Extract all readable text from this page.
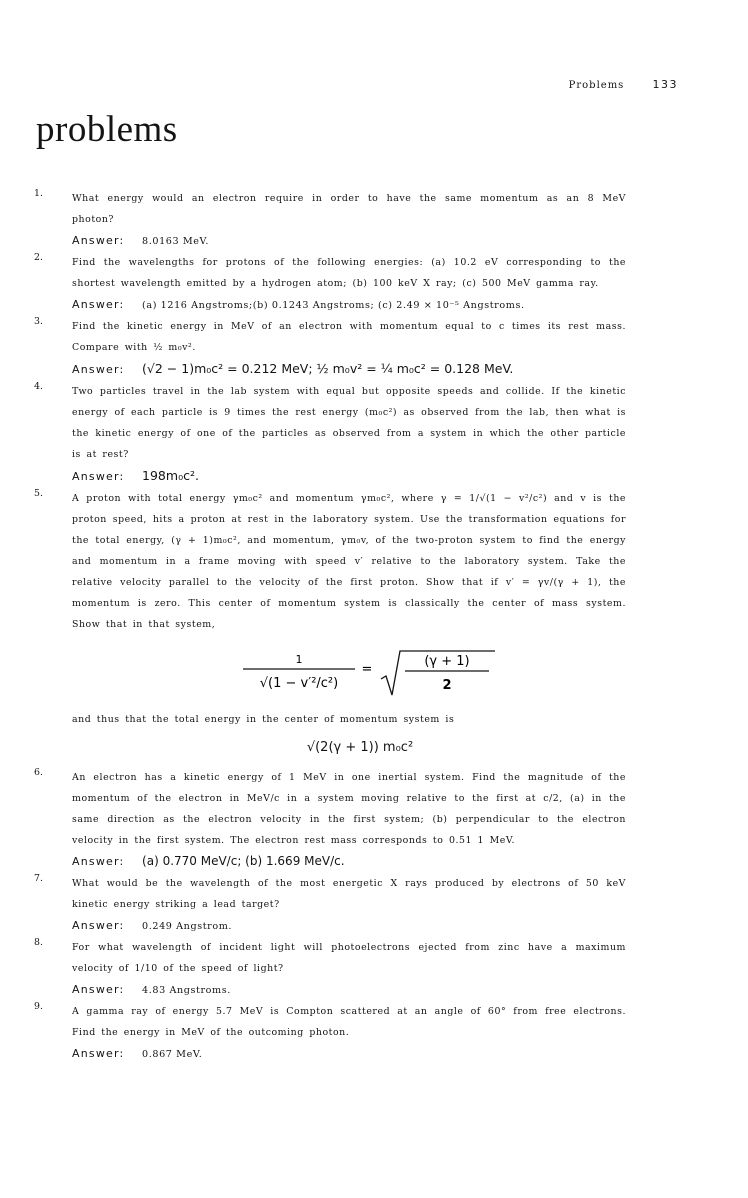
Problems	133
problems
1.	What energy would an electron require in order to have the same momentum as an 8 MeV photon?

Answer: 8.0163 MeV.
2.	Find the wavelengths for protons of the following energies: (a) 10.2 eV corresponding to the shortest wavelength emitted by a hydrogen atom; (b) 100 keV X ray; (c) 500 MeV gamma ray.

Answer: (a) 1216 Angstroms;(b) 0.1243 Angstroms; (c) 2.49 × 10⁻⁵ Angstroms.
3.	Find the kinetic energy in MeV of an electron with momentum equal to c times its rest mass. Compare with ½ m₀v².

Answer: (√2 − 1)m₀c² = 0.212 MeV; ½ m₀v² = ¼ m₀c² = 0.128 MeV.
4.	Two particles travel in the lab system with equal but opposite speeds and collide. If the kinetic energy of each particle is 9 times the rest energy (m₀c²) as observed from the lab, then what is the kinetic energy of one of the particles as observed from a system in which the other particle is at rest?

Answer: 198m₀c².
5.	A proton with total energy γm₀c² and momentum γm₀c², where γ = 1/√(1 − v²/c²) and v is the proton speed, hits a proton at rest in the laboratory system. Use the transformation equations for the total energy, (γ + 1)m₀c², and momentum, γm₀v, of the two-proton system to find the energy and momentum in a frame moving with speed v′ relative to the laboratory system. Take the relative velocity parallel to the velocity of the first proton. Show that if v′ = γv/(γ + 1), the momentum is zero. This center of momentum system is classically the center of mass system. Show that in that system,

1
√(1 − v′²/c²)
=
(γ + 1)
2

and thus that the total energy in the center of momentum system is

√(2(γ + 1)) m₀c²
6.	An electron has a kinetic energy of 1 MeV in one inertial system. Find the magnitude of the momentum of the electron in MeV/c in a system moving relative to the first at c/2, (a) in the same direction as the electron velocity in the first system; (b) perpendicular to the electron velocity in the first system. The electron rest mass corresponds to 0.51 1 MeV.

Answer: (a) 0.770 MeV/c; (b) 1.669 MeV/c.
7.	What would be the wavelength of the most energetic X rays produced by electrons of 50 keV kinetic energy striking a lead target?

Answer: 0.249 Angstrom.
8.	For what wavelength of incident light will photoelectrons ejected from zinc have a maximum velocity of 1/10 of the speed of light?

Answer: 4.83 Angstroms.
9.	A gamma ray of energy 5.7 MeV is Compton scattered at an angle of 60° from free electrons. Find the energy in MeV of the outcoming photon.

Answer: 0.867 MeV.
